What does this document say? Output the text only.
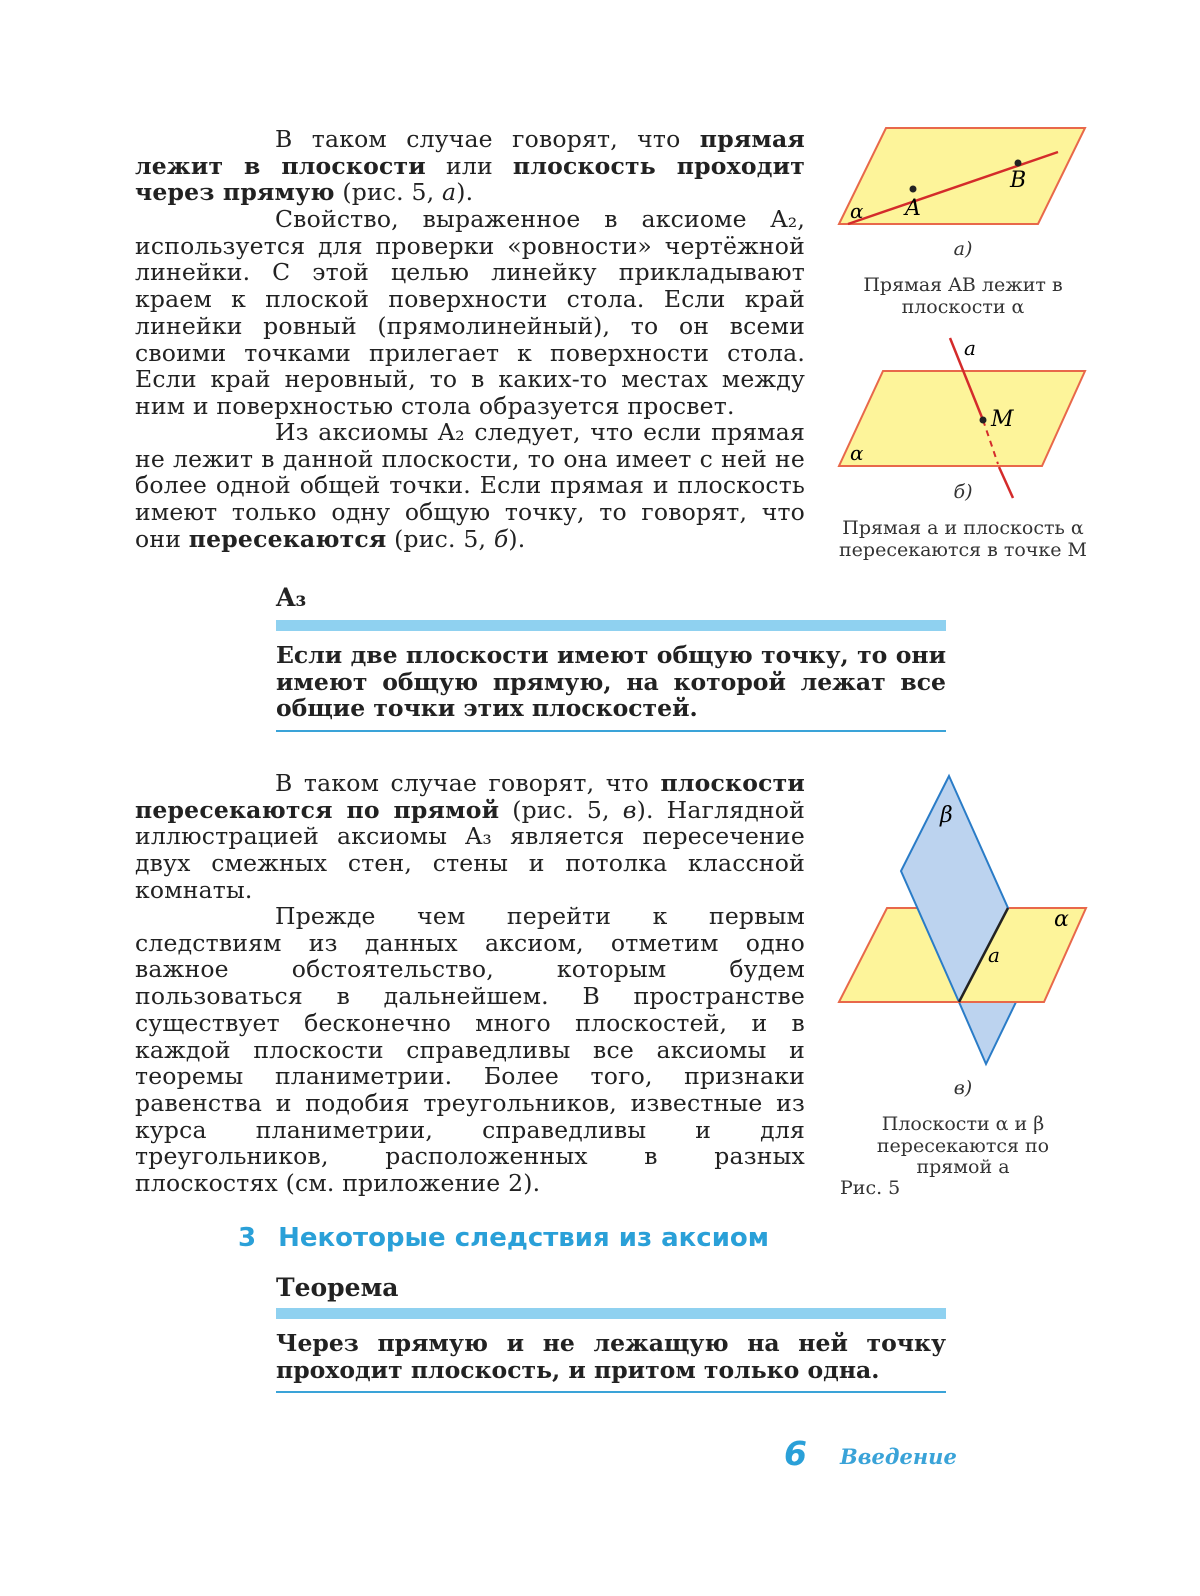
В таком случае говорят, что прямая лежит в плоскости или плоскость проходит через прямую (рис. 5, а).

Свойство, выраженное в аксиоме A₂, используется для проверки «ровности» чертёжной линейки. С этой целью линейку прикладывают краем к плоской поверхности стола. Если край линейки ровный (прямолинейный), то он всеми своими точками прилегает к поверхности стола. Если край неровный, то в каких-то местах между ним и поверхностью стола образуется просвет.

Из аксиомы A₂ следует, что если прямая не лежит в данной плоскости, то она имеет с ней не более одной общей точки. Если прямая и плоскость имеют только одну общую точку, то говорят, что они пересекаются (рис. 5, б).

A₃
Если две плоскости имеют общую точку, то они имеют общую прямую, на которой лежат все общие точки этих плоскостей.

В таком случае говорят, что плоскости пересекаются по прямой (рис. 5, в). Наглядной иллюстрацией аксиомы A₃ является пересечение двух смежных стен, стены и потолка классной комнаты.

Прежде чем перейти к первым следствиям из данных аксиом, отметим одно важное обстоятельство, которым будем пользоваться в дальнейшем. В пространстве существует бесконечно много плоскостей, и в каждой плоскости справедливы все аксиомы и теоремы планиметрии. Более того, признаки равенства и подобия треугольников, известные из курса планиметрии, справедливы и для треугольников, расположенных в разных плоскостях (см. приложение 2).

3 Некоторые следствия из аксиом
Теорема
Через прямую и не лежащую на ней точку проходит плоскость, и притом только одна.
A
B
α
а)
Прямая AB лежит в плоскости α
M
a
α
б)
Прямая a и плоскость α пересекаются в точке M
β
α
a
в)
Плоскости α и β пересекаются по прямой a
Рис. 5
6 Введение
